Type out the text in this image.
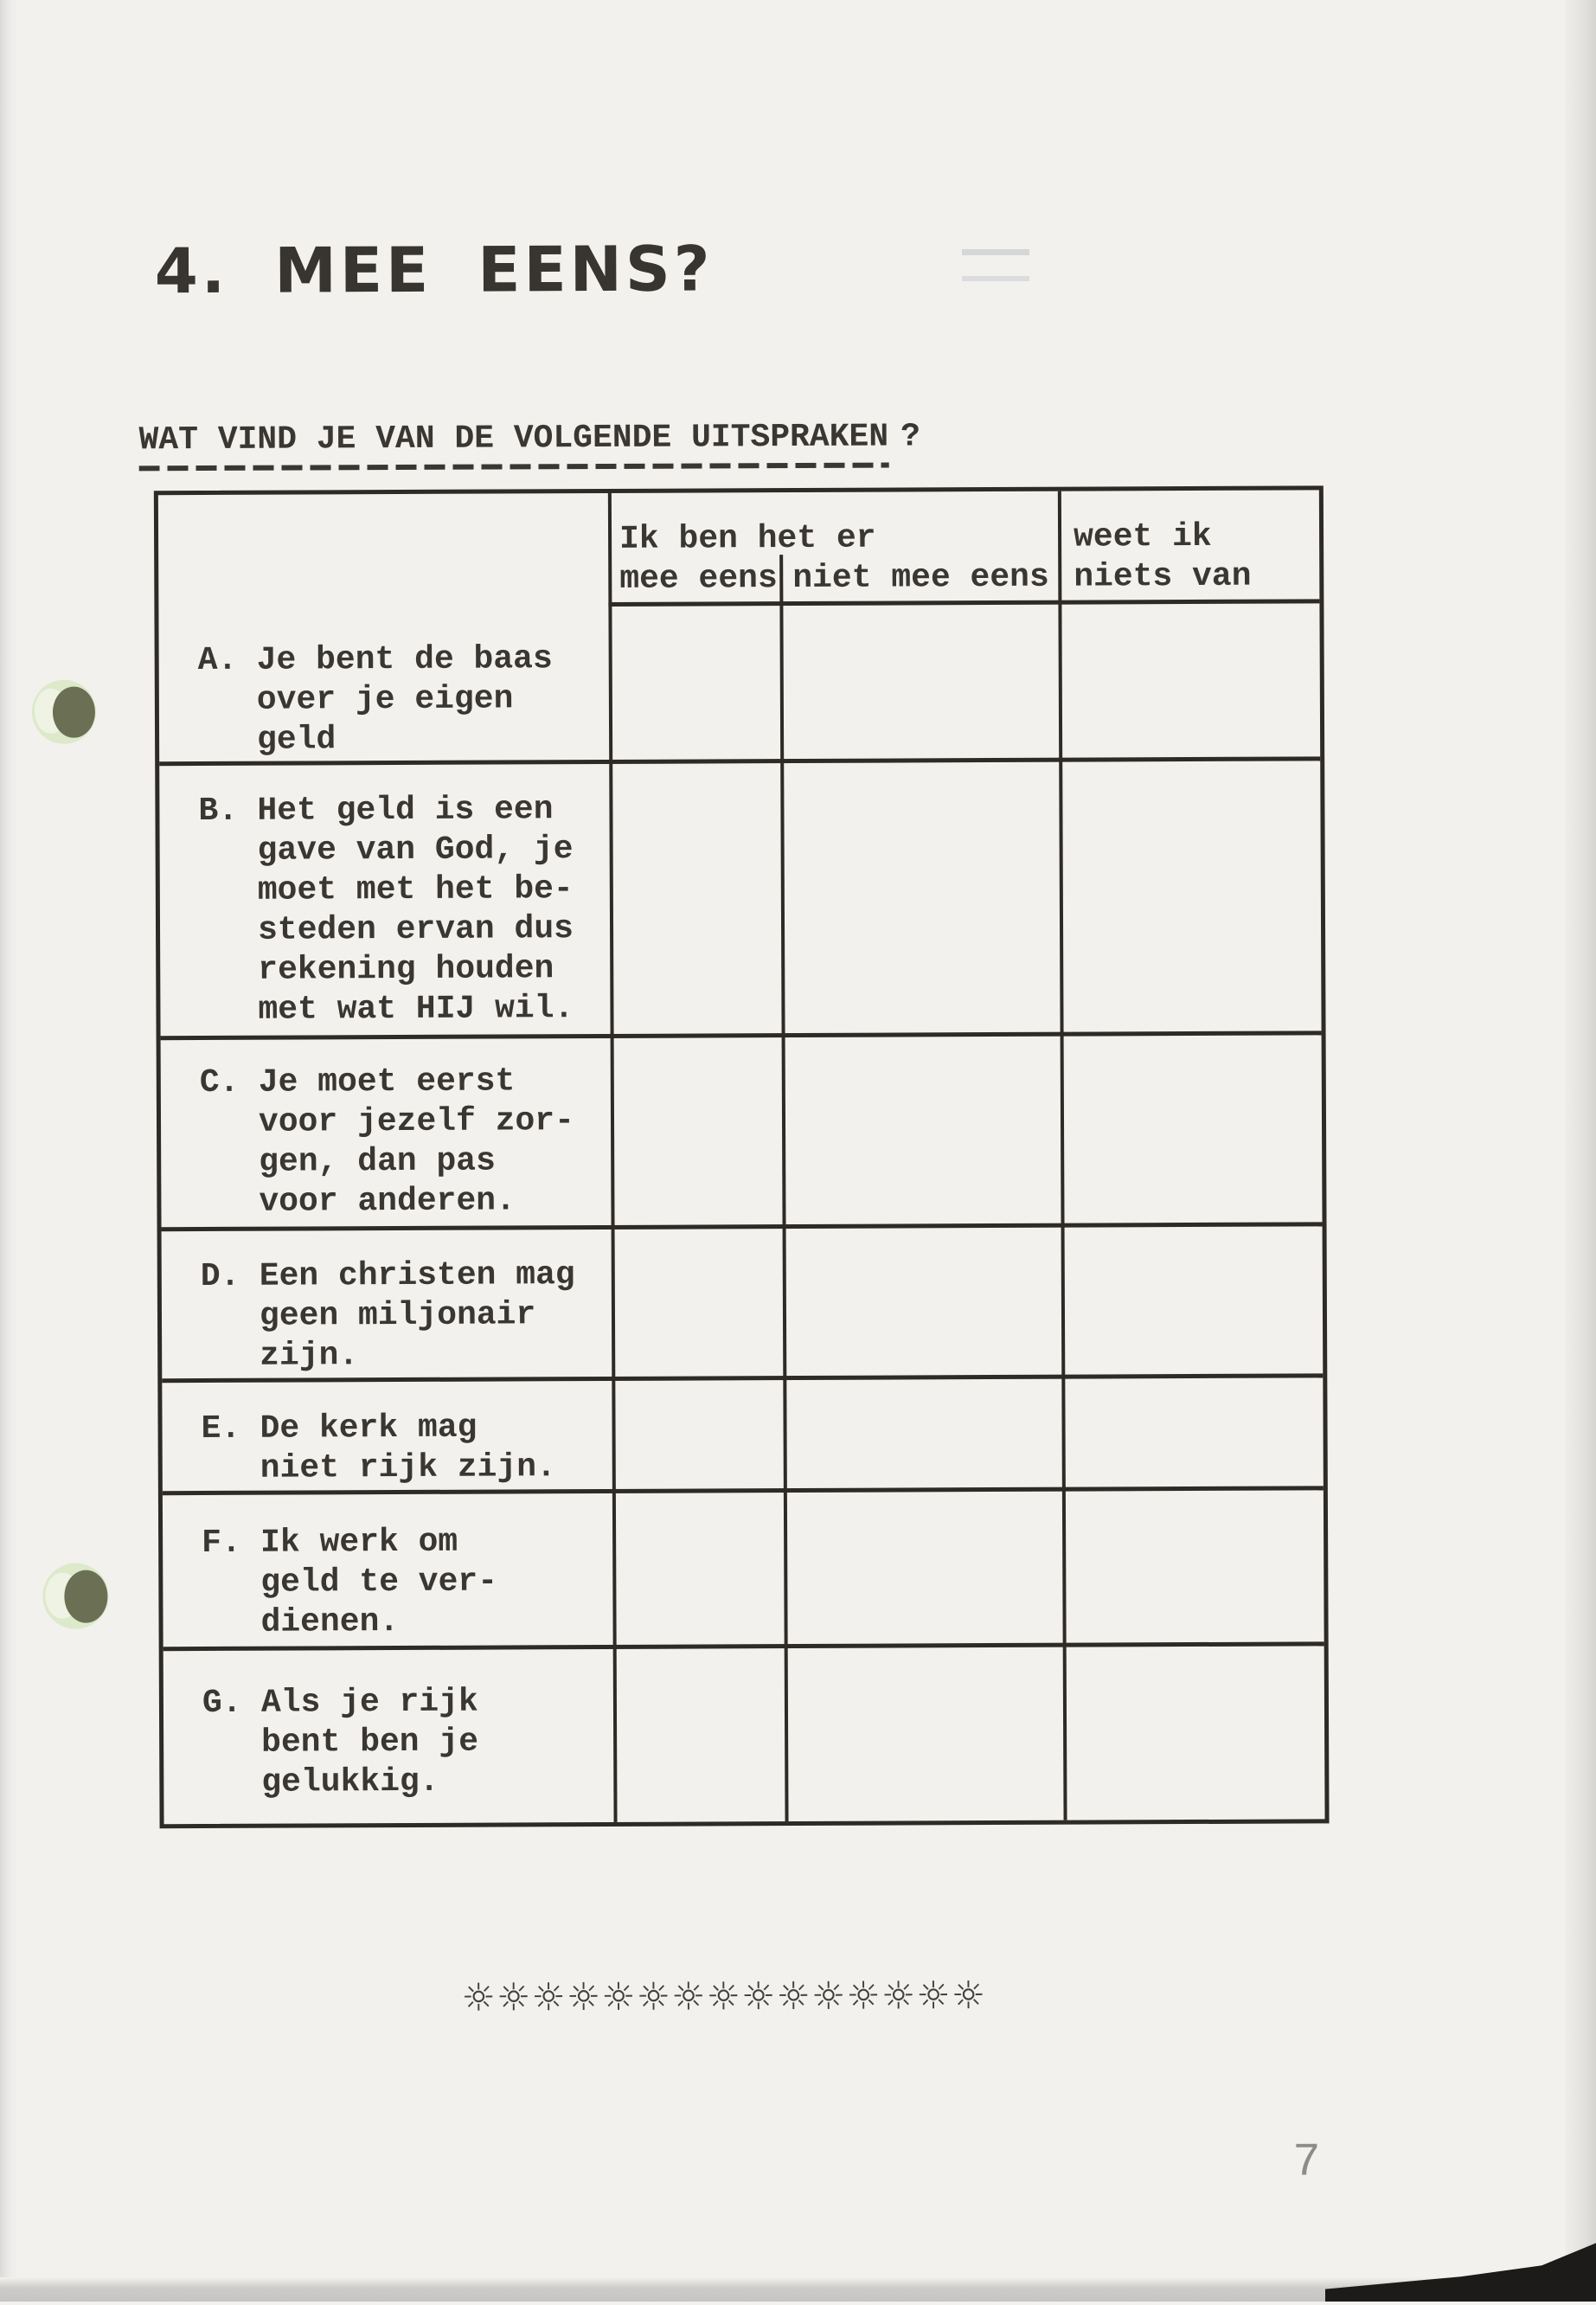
4. MEE EENS?
WAT VIND JE VAN DE VOLGENDE UITSPRAKEN ?
Ik ben het er
mee eens niet mee eens
weet ik
niets van
A. Je bent de baas
over je eigen
geld
B. Het geld is een
gave van God, je
moet met het be-
steden ervan dus
rekening houden
met wat HIJ wil.
C. Je moet eerst
voor jezelf zor-
gen, dan pas
voor anderen.
D. Een christen mag
geen miljonair
zijn.
E. De kerk mag
niet rijk zijn.
F. Ik werk om
geld te ver-
dienen.
G. Als je rijk
bent ben je
gelukkig.
☼☼☼☼☼☼☼☼☼☼☼☼☼☼☼
7
